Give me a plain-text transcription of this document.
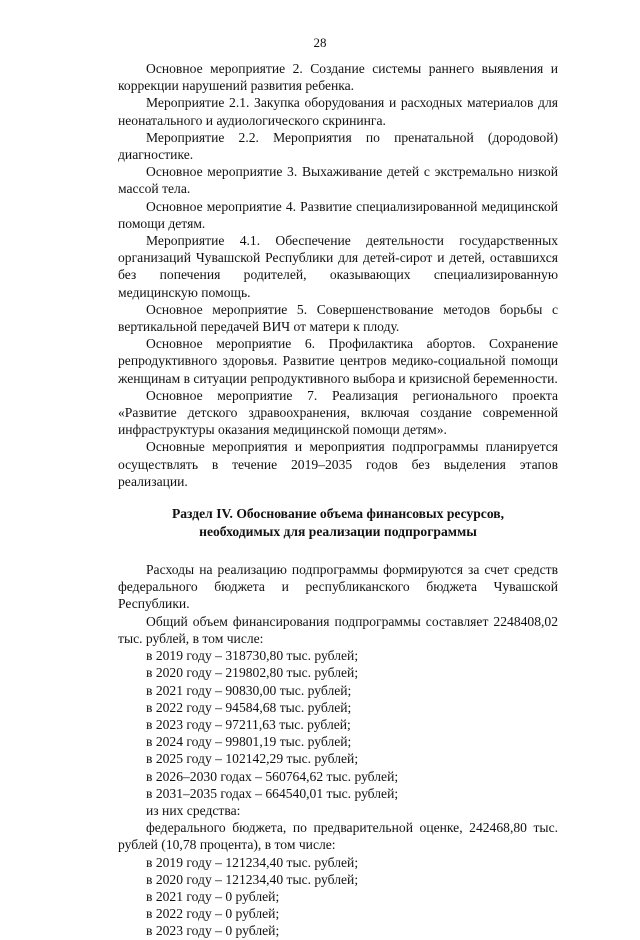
28

Основное мероприятие 2. Создание системы раннего выявления и коррекции нарушений развития ребенка.

Мероприятие 2.1. Закупка оборудования и расходных материалов для неонатального и аудиологического скрининга.

Мероприятие 2.2. Мероприятия по пренатальной (дородовой) диагностике.

Основное мероприятие 3. Выхаживание детей с экстремально низкой массой тела.

Основное мероприятие 4. Развитие специализированной медицинской помощи детям.

Мероприятие 4.1. Обеспечение деятельности государственных организаций Чувашской Республики для детей-сирот и детей, оставшихся без попечения родителей, оказывающих специализированную медицинскую помощь.

Основное мероприятие 5. Совершенствование методов борьбы с вертикальной передачей ВИЧ от матери к плоду.

Основное мероприятие 6. Профилактика абортов. Сохранение репродуктивного здоровья. Развитие центров медико-социальной помощи женщинам в ситуации репродуктивного выбора и кризисной беременности.

Основное мероприятие 7. Реализация регионального проекта «Развитие детского здравоохранения, включая создание современной инфраструктуры оказания медицинской помощи детям».

Основные мероприятия и мероприятия подпрограммы планируется осуществлять в течение 2019–2035 годов без выделения этапов реализации.

Раздел IV. Обоснование объема финансовых ресурсов,
необходимых для реализации подпрограммы

Расходы на реализацию подпрограммы формируются за счет средств федерального бюджета и республиканского бюджета Чувашской Республики.

Общий объем финансирования подпрограммы составляет 2248408,02 тыс. рублей, в том числе:

в 2019 году – 318730,80 тыс. рублей;

в 2020 году – 219802,80 тыс. рублей;

в 2021 году – 90830,00 тыс. рублей;

в 2022 году – 94584,68 тыс. рублей;

в 2023 году – 97211,63 тыс. рублей;

в 2024 году – 99801,19 тыс. рублей;

в 2025 году – 102142,29 тыс. рублей;

в 2026–2030 годах – 560764,62 тыс. рублей;

в 2031–2035 годах – 664540,01 тыс. рублей;

из них средства:

федерального бюджета, по предварительной оценке, 242468,80 тыс. рублей (10,78 процента), в том числе:

в 2019 году – 121234,40 тыс. рублей;

в 2020 году – 121234,40 тыс. рублей;

в 2021 году – 0 рублей;

в 2022 году – 0 рублей;

в 2023 году – 0 рублей;
